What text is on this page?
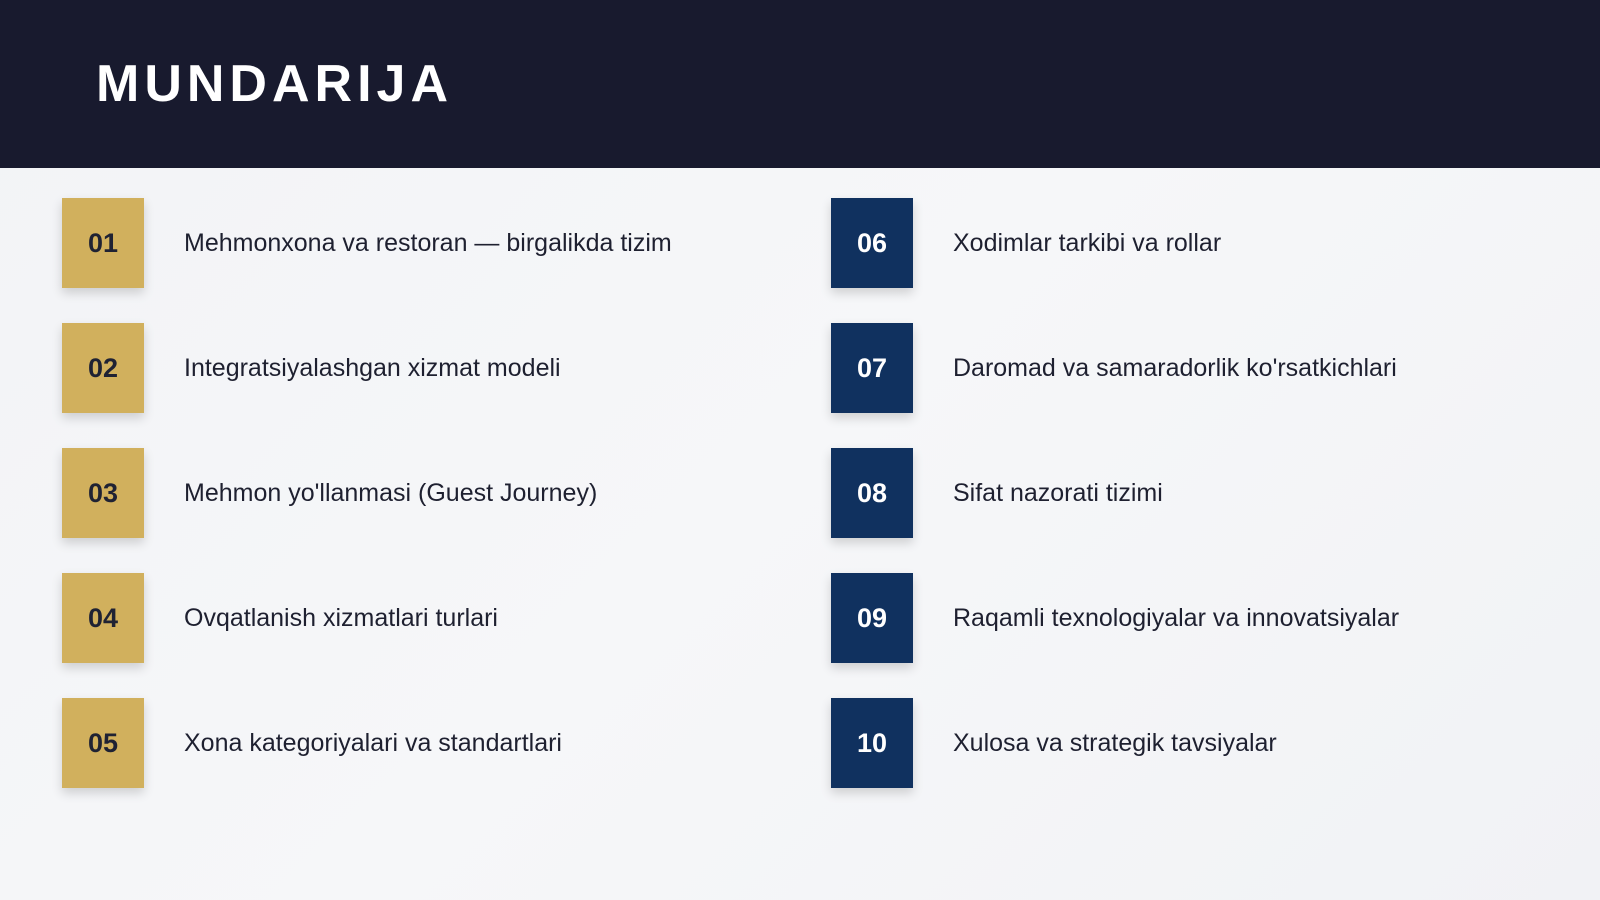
MUNDARIJA
01	Mehmonxona va restoran — birgalikda tizim
02	Integratsiyalashgan xizmat modeli
03	Mehmon yo'llanmasi (Guest Journey)
04	Ovqatlanish xizmatlari turlari
05	Xona kategoriyalari va standartlari
06	Xodimlar tarkibi va rollar
07	Daromad va samaradorlik ko'rsatkichlari
08	Sifat nazorati tizimi
09	Raqamli texnologiyalar va innovatsiyalar
10	Xulosa va strategik tavsiyalar
